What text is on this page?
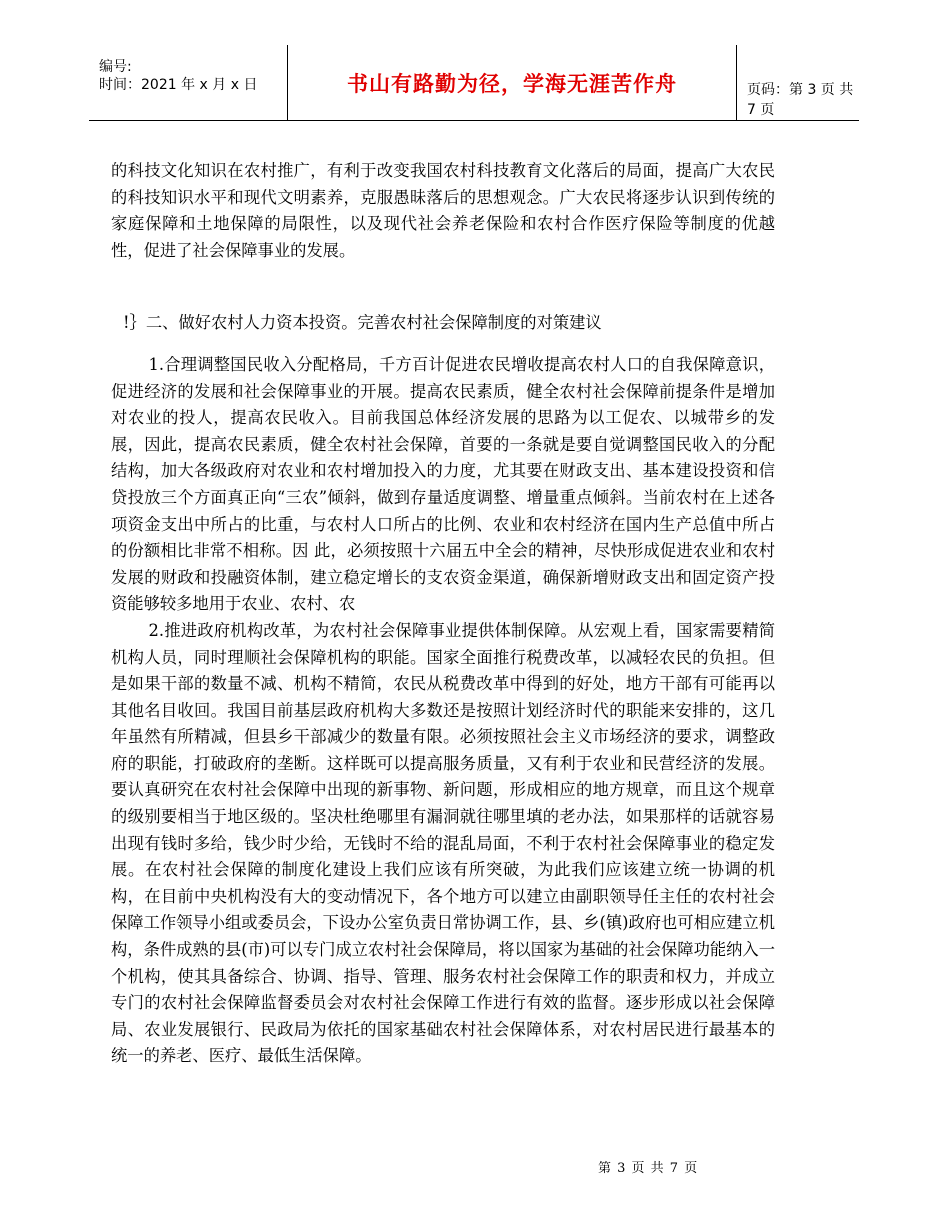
编号:
时间：2021 年 x 月 x 日	书山有路勤为径，学海无涯苦作舟	页码：第 3 页 共 7 页

的科技文化知识在农村推广，有利于改变我国农村科技教育文化落后的局面，提高广大农民的科技知识水平和现代文明素养，克服愚昧落后的思想观念。广大农民将逐步认识到传统的家庭保障和土地保障的局限性，以及现代社会养老保险和农村合作医疗保险等制度的优越性，促进了社会保障事业的发展。

!｝二、做好农村人力资本投资。完善农村社会保障制度的对策建议

1.合理调整国民收入分配格局，千方百计促进农民增收提高农村人口的自我保障意识，促进经济的发展和社会保障事业的开展。提高农民素质，健全农村社会保障前提条件是增加对农业的投人，提高农民收入。目前我国总体经济发展的思路为以工促农、以城带乡的发展，因此，提高农民素质，健全农村社会保障，首要的一条就是要自觉调整国民收入的分配结构，加大各级政府对农业和农村增加投入的力度，尤其要在财政支出、基本建设投资和信贷投放三个方面真正向“三农”倾斜，做到存量适度调整、增量重点倾斜。当前农村在上述各项资金支出中所占的比重，与农村人口所占的比例、农业和农村经济在国内生产总值中所占的份额相比非常不相称。因 此，必须按照十六届五中全会的精神，尽快形成促进农业和农村发展的财政和投融资体制，建立稳定增长的支农资金渠道，确保新增财政支出和固定资产投资能够较多地用于农业、农村、农

2.推进政府机构改革，为农村社会保障事业提供体制保障。从宏观上看，国家需要精简机构人员，同时理顺社会保障机构的职能。国家全面推行税费改革，以减轻农民的负担。但是如果干部的数量不减、机构不精简，农民从税费改革中得到的好处，地方干部有可能再以其他名目收回。我国目前基层政府机构大多数还是按照计划经济时代的职能来安排的，这几年虽然有所精减，但县乡干部减少的数量有限。必须按照社会主义市场经济的要求，调整政府的职能，打破政府的垄断。这样既可以提高服务质量，又有利于农业和民营经济的发展。要认真研究在农村社会保障中出现的新事物、新问题，形成相应的地方规章，而且这个规章的级别要相当于地区级的。坚决杜绝哪里有漏洞就往哪里填的老办法，如果那样的话就容易出现有钱时多给，钱少时少给，无钱时不给的混乱局面，不利于农村社会保障事业的稳定发展。在农村社会保障的制度化建设上我们应该有所突破，为此我们应该建立统一协调的机构，在目前中央机构没有大的变动情况下，各个地方可以建立由副职领导任主任的农村社会保障工作领导小组或委员会，下设办公室负责日常协调工作，县、乡(镇)政府也可相应建立机构，条件成熟的县(市)可以专门成立农村社会保障局，将以国家为基础的社会保障功能纳入一个机构，使其具备综合、协调、指导、管理、服务农村社会保障工作的职责和权力，并成立专门的农村社会保障监督委员会对农村社会保障工作进行有效的监督。逐步形成以社会保障局、农业发展银行、民政局为依托的国家基础农村社会保障体系，对农村居民进行最基本的统一的养老、医疗、最低生活保障。

第 3 页 共 7 页
